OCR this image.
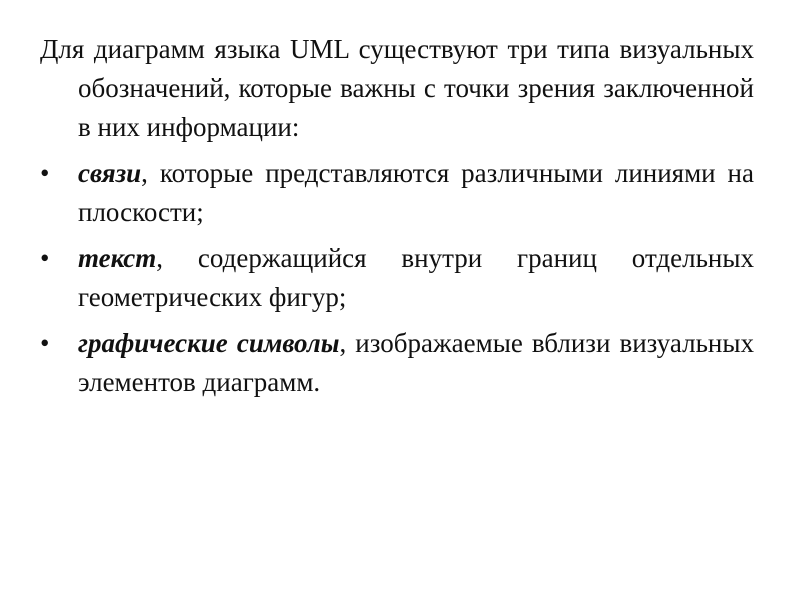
Для диаграмм языка UML существуют три типа визуальных обозначений, которые важны с точки зрения заключенной в них информации:

•	связи, которые представляются различными линиями на плоскости;
•	текст, содержащийся внутри границ отдельных геометрических фигур;
•	графические символы, изображаемые вблизи визуальных элементов диаграмм.
